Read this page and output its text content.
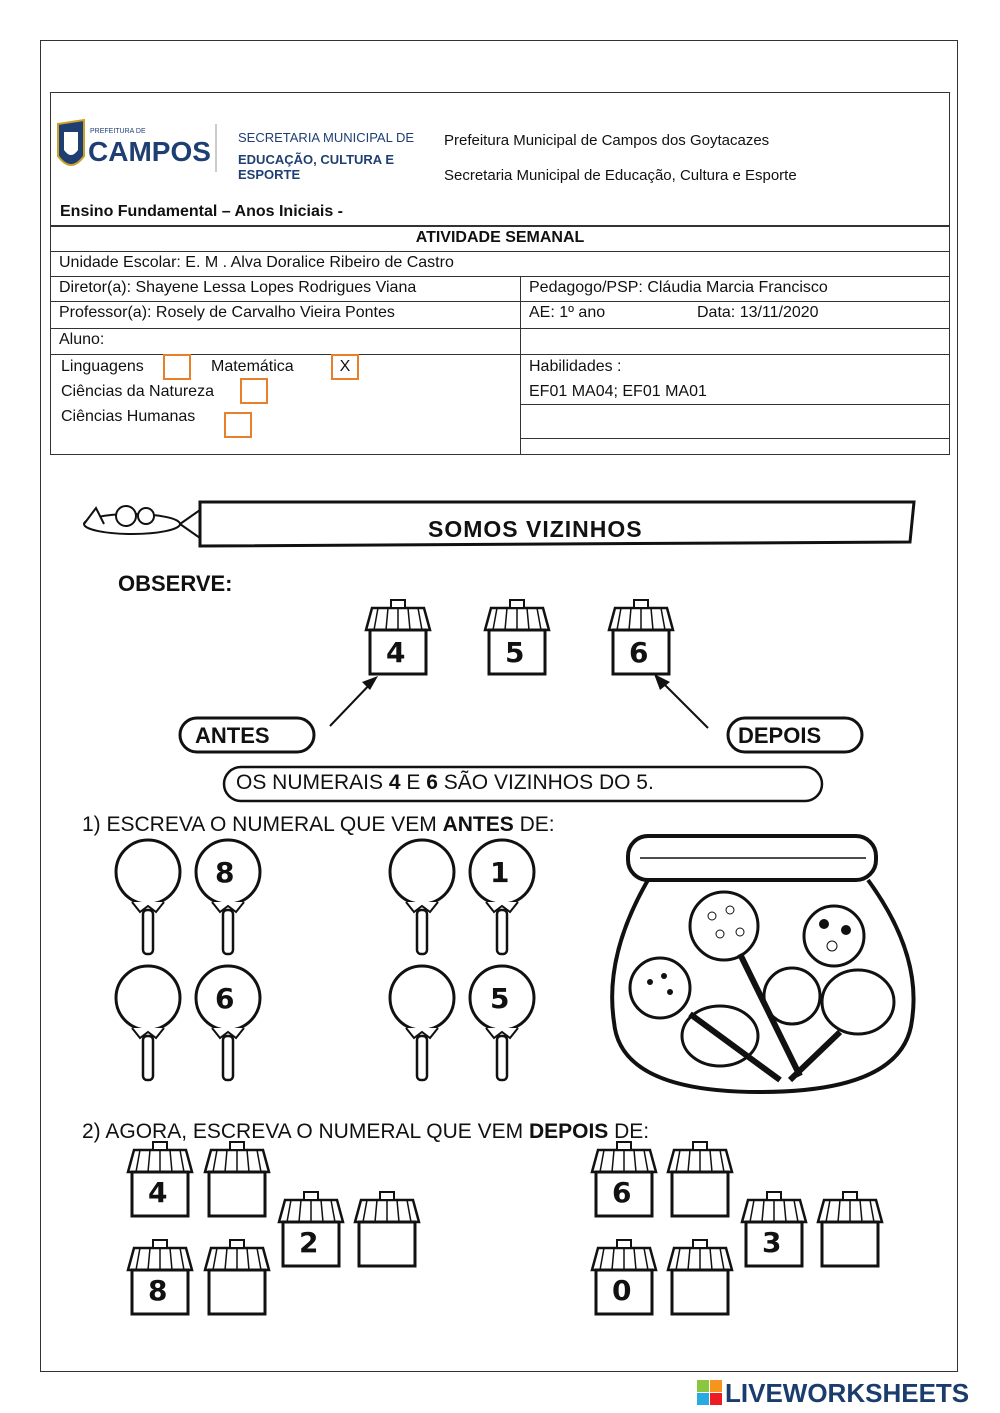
PREFEITURA DE
CAMPOS SECRETARIA MUNICIPAL DE
EDUCAÇÃO, CULTURA E ESPORTE
Prefeitura Municipal de Campos dos Goytacazes
Secretaria Municipal de Educação, Cultura e Esporte
Ensino Fundamental – Anos Iniciais -
ATIVIDADE SEMANAL
Unidade Escolar: E. M . Alva Doralice Ribeiro de Castro
Diretor(a): Shayene Lessa Lopes Rodrigues Viana	Pedagogo/PSP: Cláudia Marcia Francisco
Professor(a): Rosely de Carvalho Vieira Pontes	AE: 1º ano	Data: 13/11/2020
Aluno:
Linguagens	Matemática	X
Ciências da Natureza
Ciências Humanas
Habilidades :
EF01 MA04; EF01 MA01
SOMOS VIZINHOS
OBSERVE:
4	5	6
ANTES	DEPOIS
OS NUMERAIS 4 E 6 SÃO VIZINHOS DO 5.
1) ESCREVA O NUMERAL QUE VEM ANTES DE:
8	1
6	5
2) AGORA, ESCREVA O NUMERAL QUE VEM DEPOIS DE:
4
2
8
6
3
0
LIVEWORKSHEETS
